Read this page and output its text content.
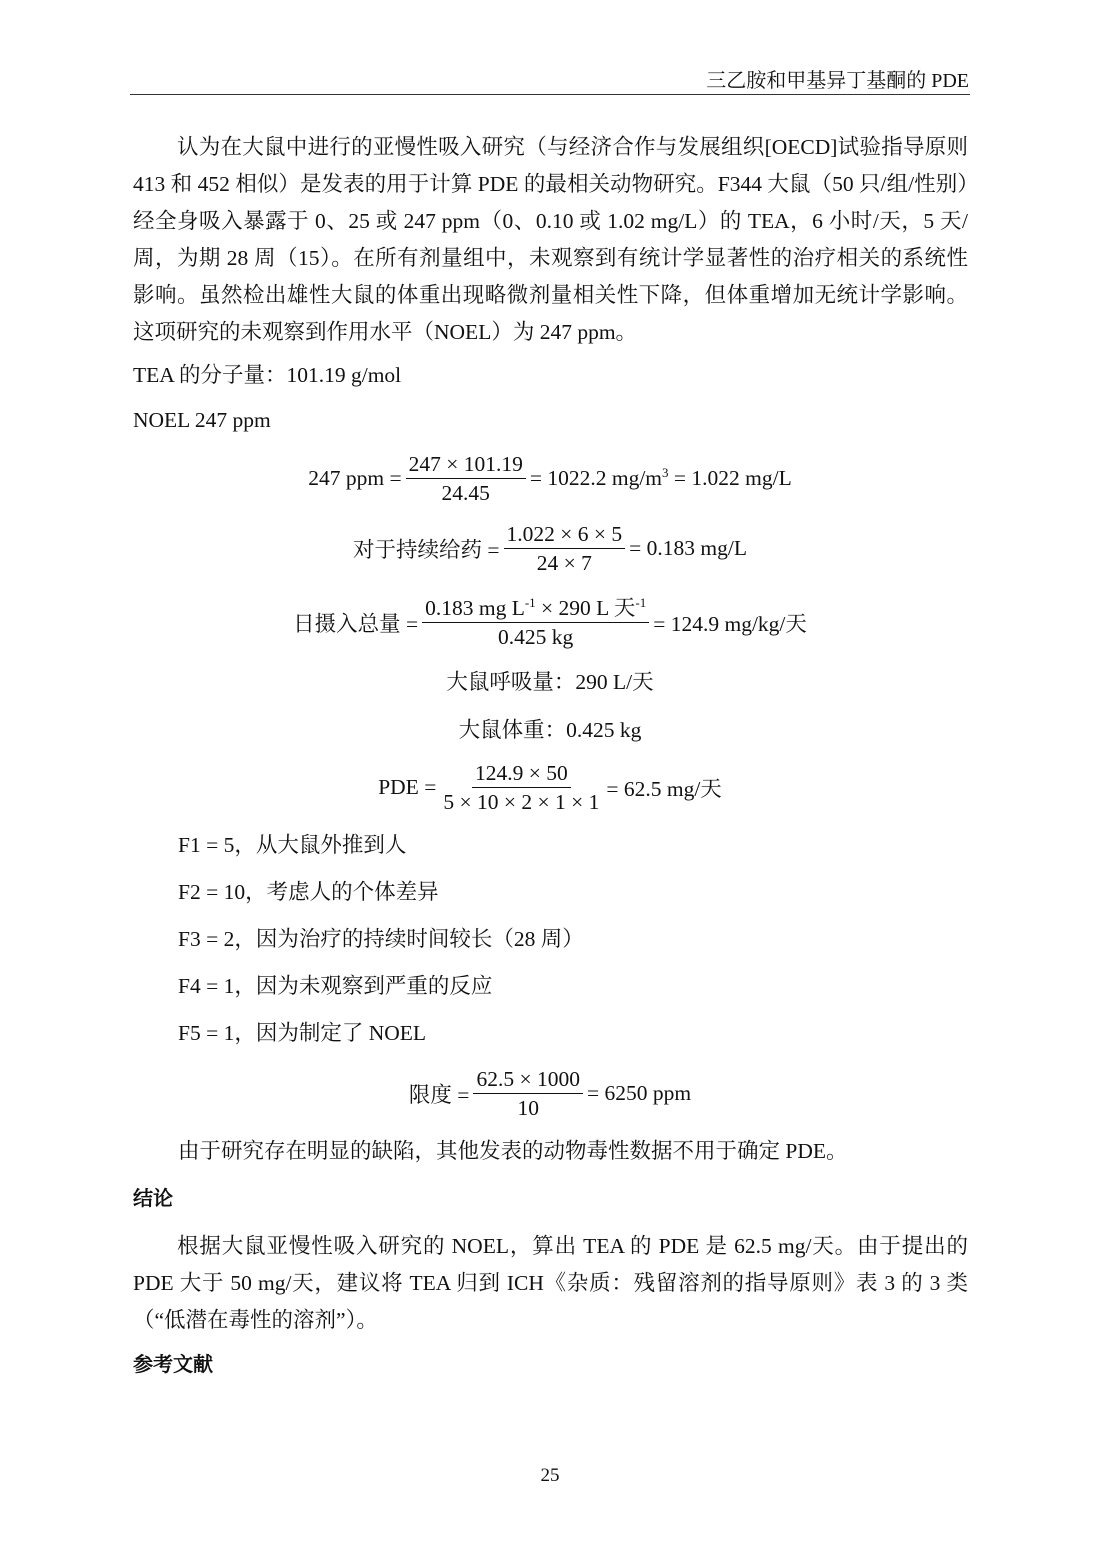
三乙胺和甲基异丁基酮的 PDE
认为在大鼠中进行的亚慢性吸入研究（与经济合作与发展组织[OECD]试验指导原则 413 和 452 相似）是发表的用于计算 PDE 的最相关动物研究。F344 大鼠（50 只/组/性别）经全身吸入暴露于 0、25 或 247 ppm（0、0.10 或 1.02 mg/L）的 TEA，6 小时/天，5 天/周，为期 28 周（15）。在所有剂量组中，未观察到有统计学显著性的治疗相关的系统性影响。虽然检出雄性大鼠的体重出现略微剂量相关性下降，但体重增加无统计学影响。这项研究的未观察到作用水平（NOEL）为 247 ppm。
TEA 的分子量：101.19 g/mol
NOEL 247 ppm
247 ppm = $\frac{247 \times 101.19}{24.45} = 1022.2$ $mg/m^3 = 1.022$ mg/L
对于持续给药 = $\frac{1.022 \times 6 \times 5}{24 \times 7} = 0.183$ mg/L
日摄入总量 = $\frac{0.183 mg L^{-1} \times 290 L 天^{-1}}{0.425 kg} = 124.9$ mg/kg/天
大鼠呼吸量：290 L/天
大鼠体重：0.425 kg
PDE = $\frac{124.9 \times 50}{5 \times 10 \times 2 \times 1 \times 1} = 62.5$ mg/天
F1 = 5，从大鼠外推到人
F2 = 10，考虑人的个体差异
F3 = 2，因为治疗的持续时间较长（28 周）
F4 = 1，因为未观察到严重的反应
F5 = 1，因为制定了 NOEL
限度 = $\frac{62.5 \times 1000}{10} = 6250$ ppm
由于研究存在明显的缺陷，其他发表的动物毒性数据不用于确定 PDE。
结论
根据大鼠亚慢性吸入研究的 NOEL，算出 TEA 的 PDE 是 62.5 mg/天。由于提出的 PDE 大于 50 mg/天，建议将 TEA 归到 ICH《杂质：残留溶剂的指导原则》表 3 的 3 类（“低潜在毒性的溶剂”）。
参考文献
25
